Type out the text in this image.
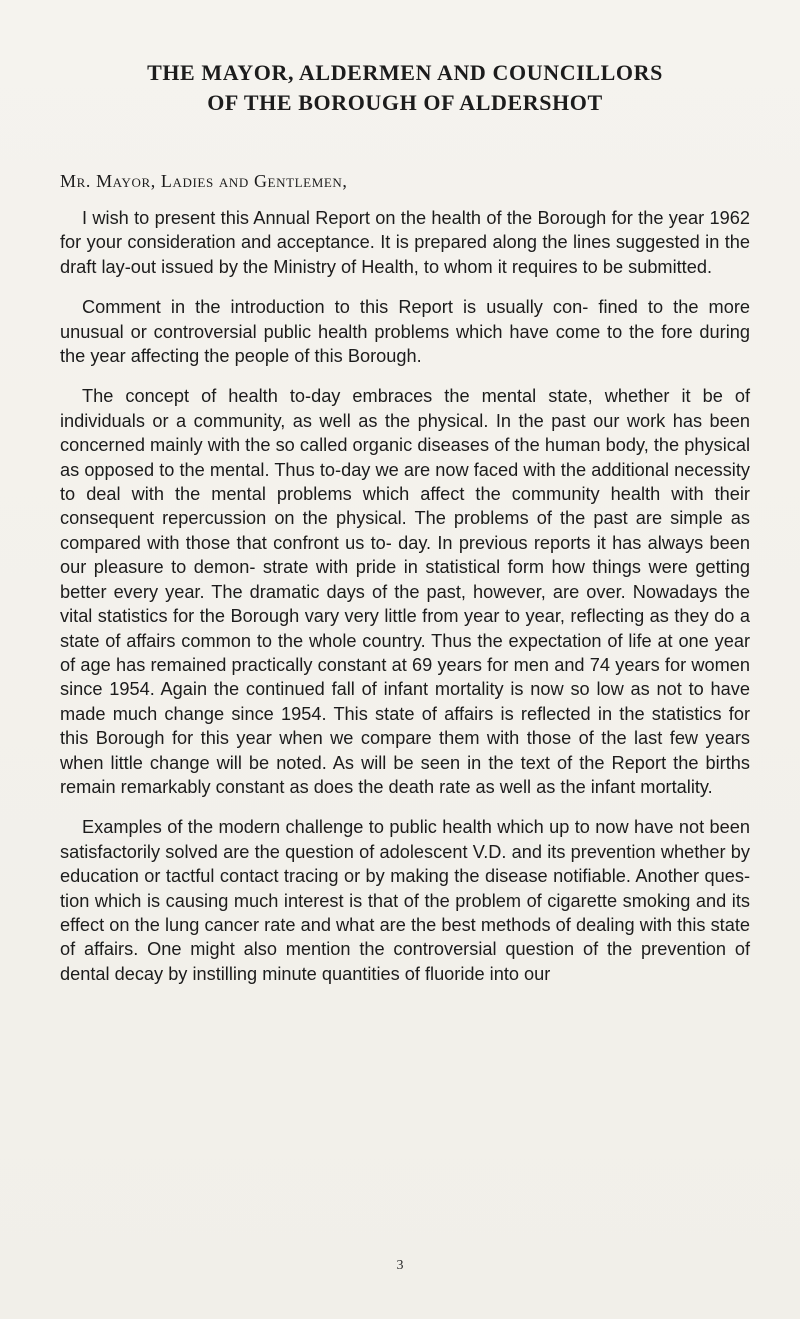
THE MAYOR, ALDERMEN AND COUNCILLORS
OF THE BOROUGH OF ALDERSHOT

Mr. Mayor, Ladies and Gentlemen,

I wish to present this Annual Report on the health of the Borough for the year 1962 for your consideration and acceptance. It is prepared along the lines suggested in the draft lay-out issued by the Ministry of Health, to whom it requires to be submitted.

Comment in the introduction to this Report is usually con- fined to the more unusual or controversial public health problems which have come to the fore during the year affecting the people of this Borough.

The concept of health to-day embraces the mental state, whether it be of individuals or a community, as well as the physical. In the past our work has been concerned mainly with the so called organic diseases of the human body, the physical as opposed to the mental. Thus to-day we are now faced with the additional necessity to deal with the mental problems which affect the community health with their consequent repercussion on the physical. The problems of the past are simple as compared with those that confront us to- day. In previous reports it has always been our pleasure to demon- strate with pride in statistical form how things were getting better every year. The dramatic days of the past, however, are over. Nowadays the vital statistics for the Borough vary very little from year to year, reflecting as they do a state of affairs common to the whole country. Thus the expectation of life at one year of age has remained practically constant at 69 years for men and 74 years for women since 1954. Again the continued fall of infant mortality is now so low as not to have made much change since 1954. This state of affairs is reflected in the statistics for this Borough for this year when we compare them with those of the last few years when little change will be noted. As will be seen in the text of the Report the births remain remarkably constant as does the death rate as well as the infant mortality.

Examples of the modern challenge to public health which up to now have not been satisfactorily solved are the question of adolescent V.D. and its prevention whether by education or tactful contact tracing or by making the disease notifiable. Another ques- tion which is causing much interest is that of the problem of cigarette smoking and its effect on the lung cancer rate and what are the best methods of dealing with this state of affairs. One might also mention the controversial question of the prevention of dental decay by instilling minute quantities of fluoride into our

3
